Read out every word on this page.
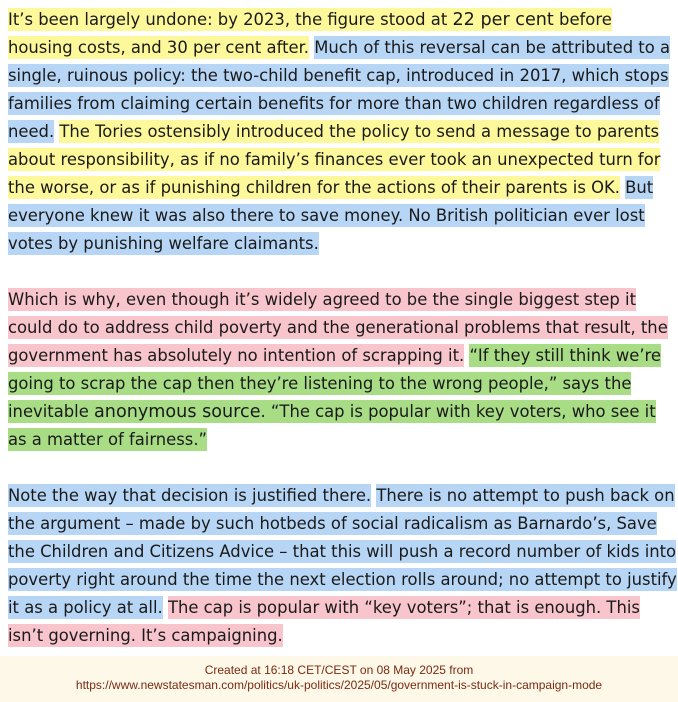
It’s been largely undone: by 2023, the figure stood at 22 per cent before housing costs, and 30 per cent after. Much of this reversal can be attributed to a single, ruinous policy: the two-child benefit cap, introduced in 2017, which stops families from claiming certain benefits for more than two children regardless of need. The Tories ostensibly introduced the policy to send a message to parents about responsibility, as if no family’s finances ever took an unexpected turn for the worse, or as if punishing children for the actions of their parents is OK. But everyone knew it was also there to save money. No British politician ever lost votes by punishing welfare claimants.

Which is why, even though it’s widely agreed to be the single biggest step it could do to address child poverty and the generational problems that result, the government has absolutely no intention of scrapping it. “If they still think we’re going to scrap the cap then they’re listening to the wrong people,” says the inevitable anonymous source. “The cap is popular with key voters, who see it as a matter of fairness.”

Note the way that decision is justified there. There is no attempt to push back on the argument – made by such hotbeds of social radicalism as Barnardo’s, Save the Children and Citizens Advice – that this will push a record number of kids into poverty right around the time the next election rolls around; no attempt to justify it as a policy at all. The cap is popular with “key voters”; that is enough. This isn’t governing. It’s campaigning.

Created at 16:18 CET/CEST on 08 May 2025 from
https://www.newstatesman.com/politics/uk-politics/2025/05/government-is-stuck-in-campaign-mode
